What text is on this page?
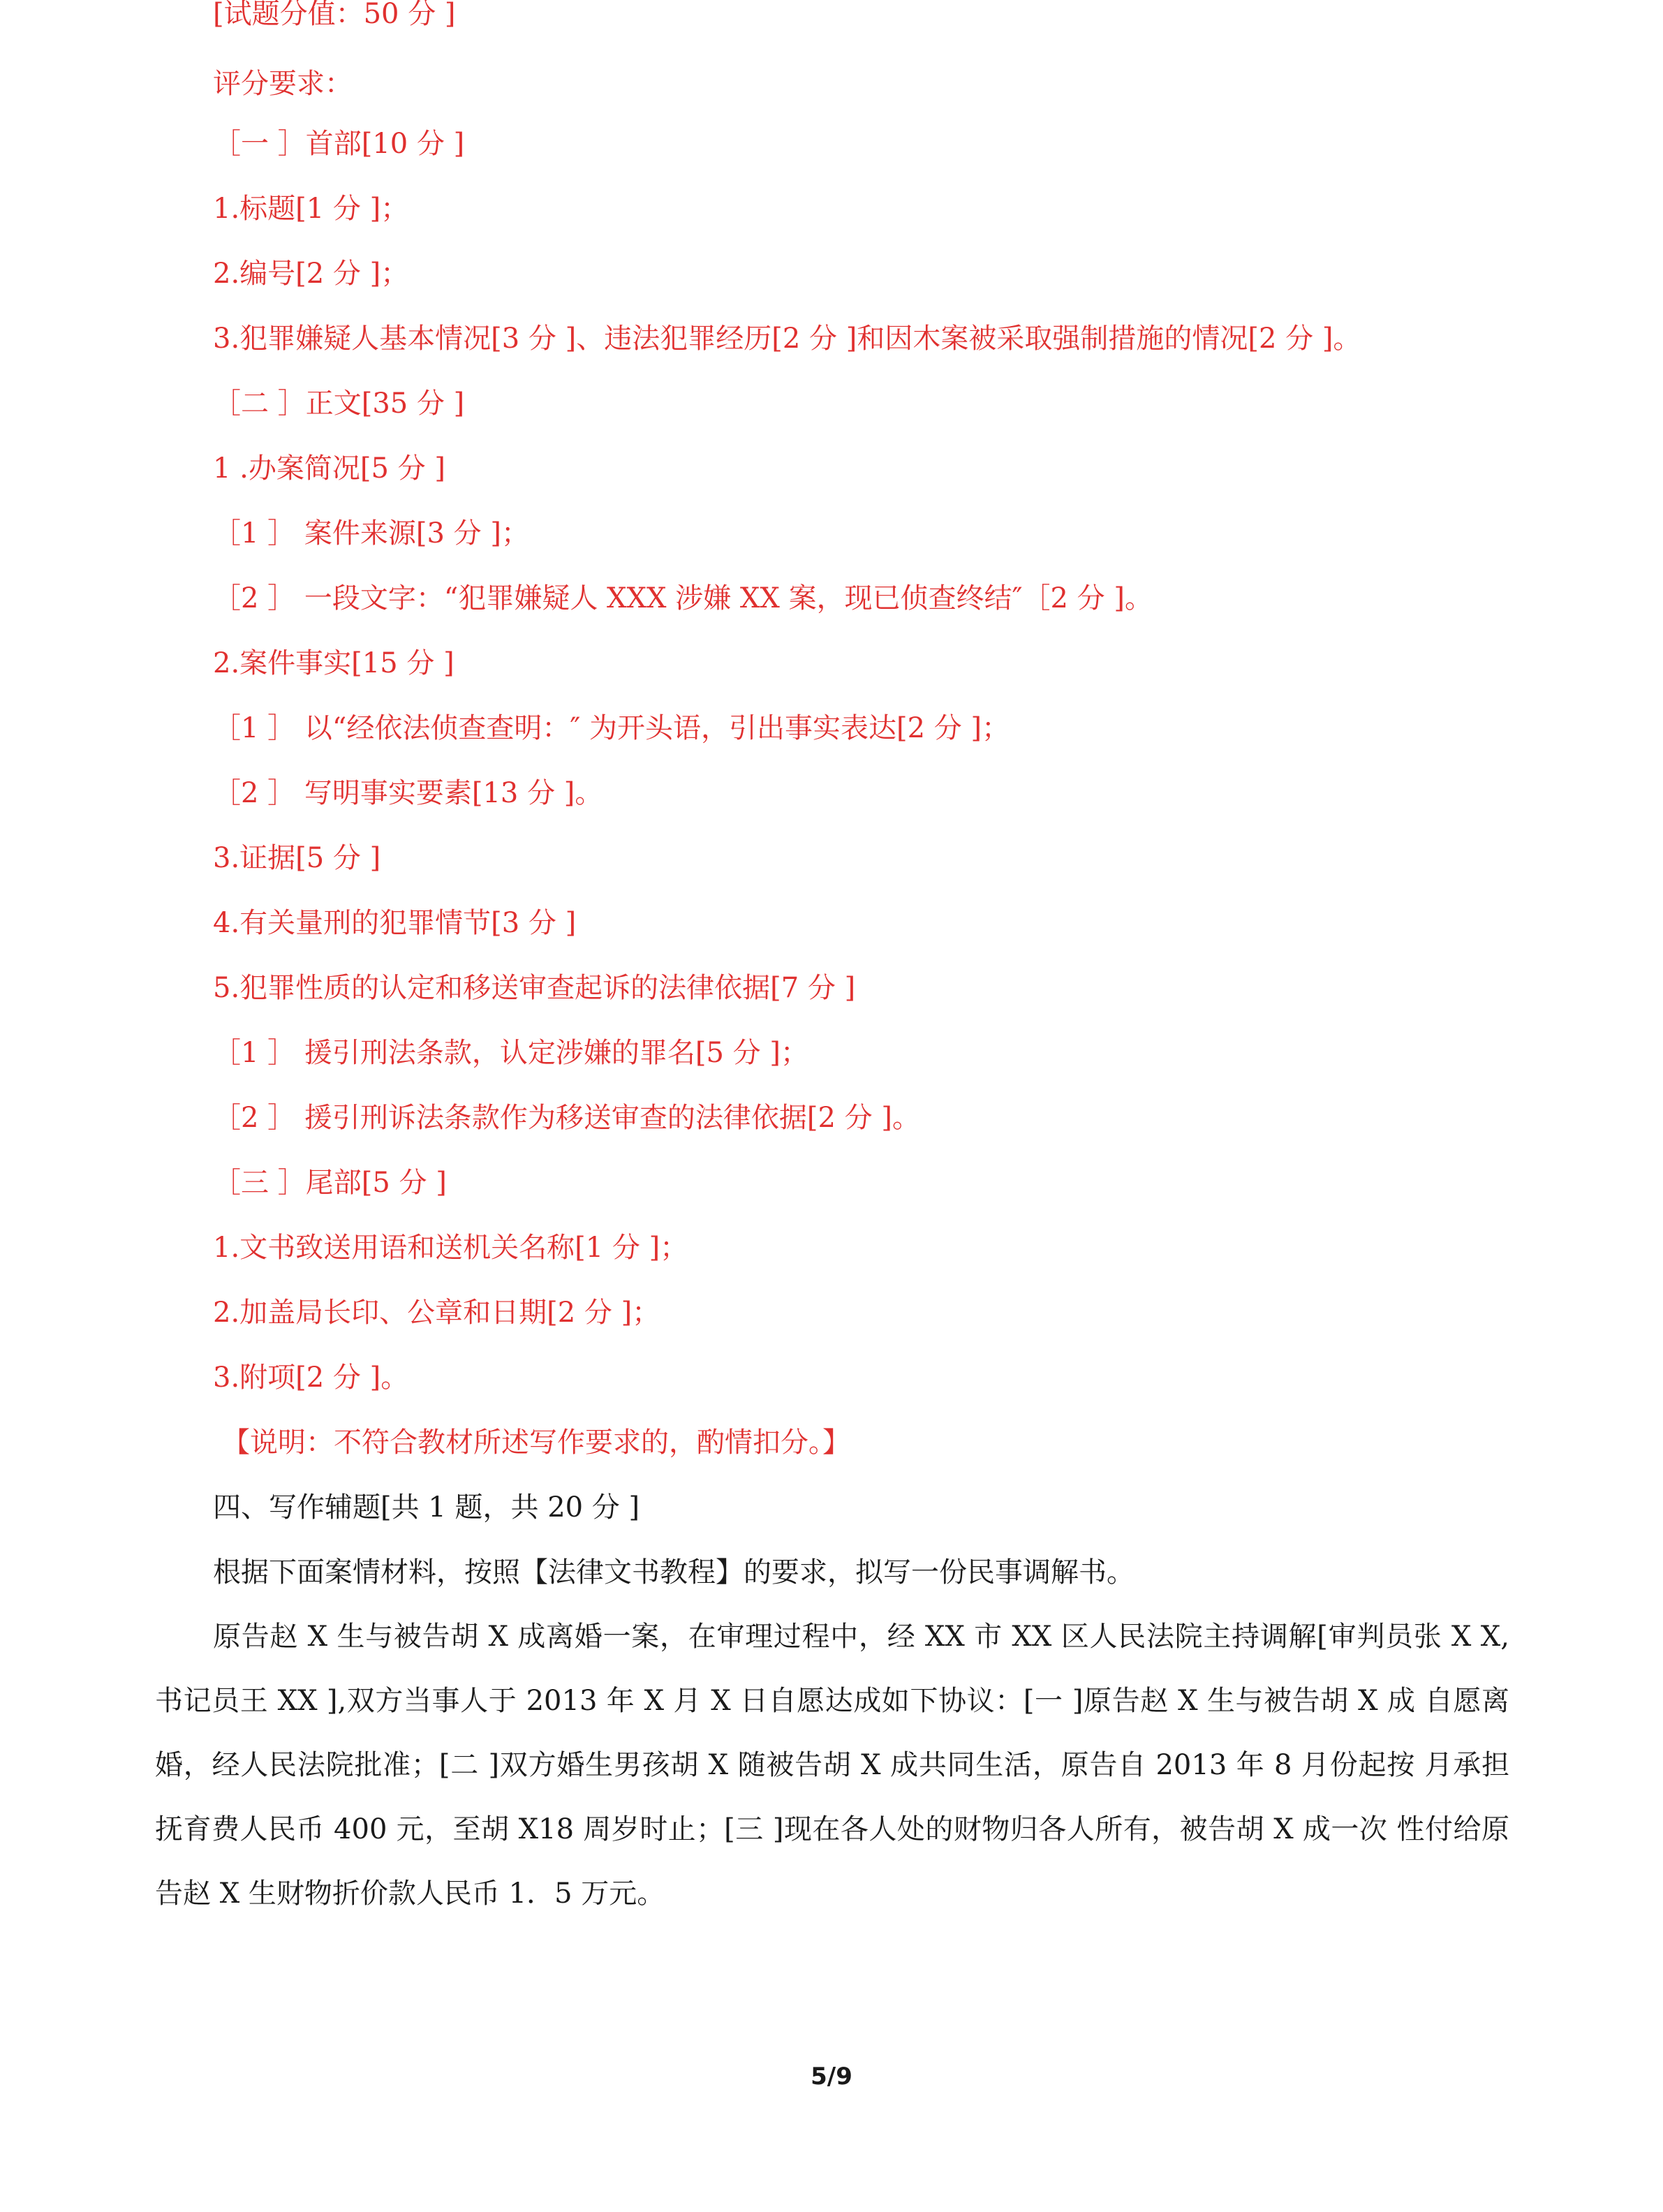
[试题分值：50 分 ]
评分要求：
［一 ］首部[10 分 ]
1.标题[1 分 ]；
2.编号[2 分 ]；
3.犯罪嫌疑人基本情况[3 分 ]、违法犯罪经历[2 分 ]和因木案被采取强制措施的情况[2 分 ]。
［二 ］正文[35 分 ]
1 .办案简况[5 分 ]
［1 ］ 案件来源[3 分 ]；
［2 ］ 一段文字：“犯罪嫌疑人 XXX 涉嫌 XX 案，现已侦查终结″［2 分 ]。
2.案件事实[15 分 ]
［1 ］ 以“经依法侦查查明：″ 为开头语，引出事实表达[2 分 ]；
［2 ］ 写明事实要素[13 分 ]。
3.证据[5 分 ]
4.有关量刑的犯罪情节[3 分 ]
5.犯罪性质的认定和移送审查起诉的法律依据[7 分 ]
［1 ］ 援引刑法条款，认定涉嫌的罪名[5 分 ]；
［2 ］ 援引刑诉法条款作为移送审查的法律依据[2 分 ]。
［三 ］尾部[5 分 ]
1.文书致送用语和送机关名称[1 分 ]；
2.加盖局长印、公章和日期[2 分 ]；
3.附项[2 分 ]。
【说明：不符合教材所述写作要求的，酌情扣分。】
四、写作辅题[共 1 题，共 20 分 ]
根据下面案情材料，按照【法律文书教程】的要求，拟写一份民事调解书。
原告赵 X 生与被告胡 X 成离婚一案，在审理过程中，经 XX 市 XX 区人民法院主持调解[审判员张 X X,书记员王 XX ],双方当事人于 2013 年 X 月 X 日自愿达成如下协议：[一 ]原告赵 X 生与被告胡 X 成 自愿离婚，经人民法院批准；[二 ]双方婚生男孩胡 X 随被告胡 X 成共同生活，原告自 2013 年 8 月份起按 月承担抚育费人民币 400 元，至胡 X18 周岁时止；[三 ]现在各人处的财物归各人所有，被告胡 X 成一次 性付给原告赵 X 生财物折价款人民币 1．5 万元。
5/9
